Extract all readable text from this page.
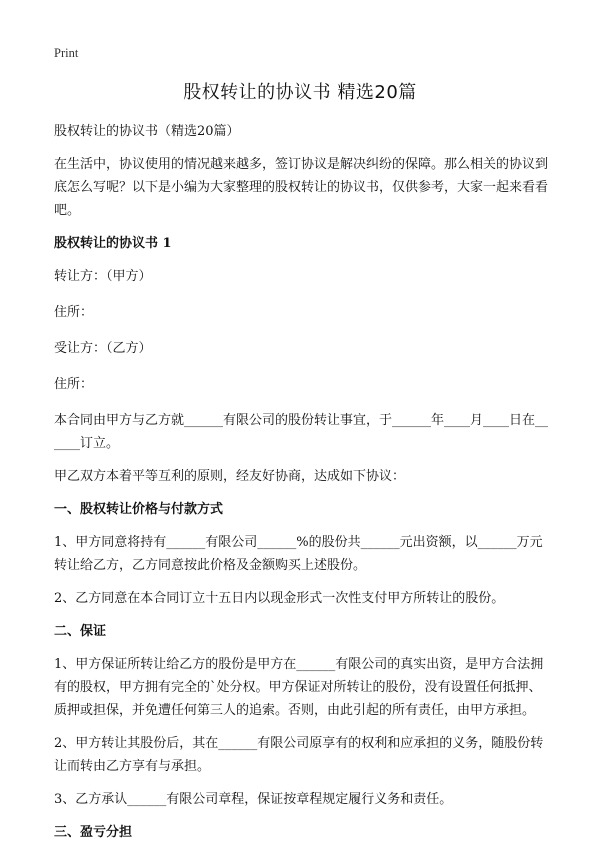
Print
股权转让的协议书 精选20篇

股权转让的协议书（精选20篇）

在生活中，协议使用的情况越来越多，签订协议是解决纠纷的保障。那么相关的协议到底怎么写呢？以下是小编为大家整理的股权转让的协议书，仅供参考，大家一起来看看吧。

股权转让的协议书 1

转让方：（甲方）

住所：

受让方：（乙方）

住所：

本合同由甲方与乙方就______有限公司的股份转让事宜，于______年____月____日在______订立。

甲乙双方本着平等互利的原则，经友好协商，达成如下协议：

一、股权转让价格与付款方式

1、甲方同意将持有______有限公司______%的股份共______元出资额，以______万元转让给乙方，乙方同意按此价格及金额购买上述股份。

2、乙方同意在本合同订立十五日内以现金形式一次性支付甲方所转让的股份。

二、保证

1、甲方保证所转让给乙方的股份是甲方在______有限公司的真实出资，是甲方合法拥有的股权，甲方拥有完全的`处分权。甲方保证对所转让的股份，没有设置任何抵押、质押或担保，并免遭任何第三人的追索。否则，由此引起的所有责任，由甲方承担。

2、甲方转让其股份后，其在______有限公司原享有的权利和应承担的义务，随股份转让而转由乙方享有与承担。

3、乙方承认______有限公司章程，保证按章程规定履行义务和责任。

三、盈亏分担
